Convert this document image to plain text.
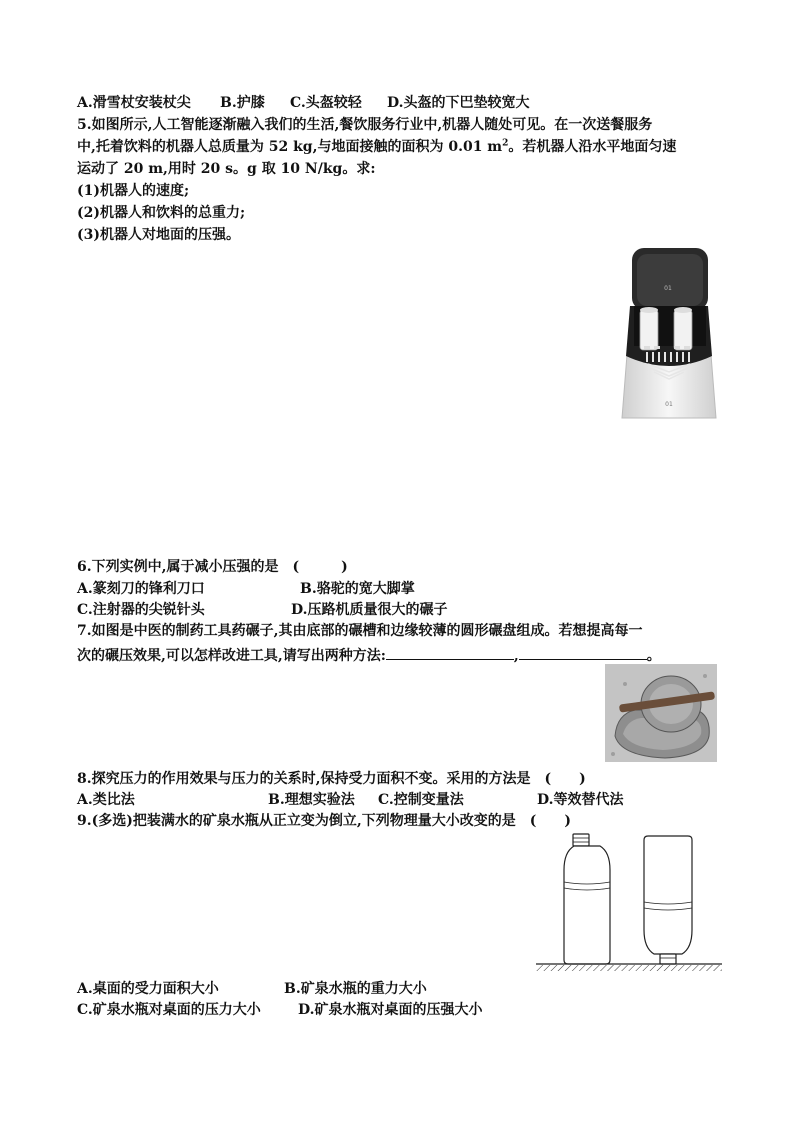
A.滑雪杖安装杖尖 B.护膝 C.头盔较轻 D.头盔的下巴垫较宽大
5.如图所示,人工智能逐渐融入我们的生活,餐饮服务行业中,机器人随处可见。在一次送餐服务
中,托着饮料的机器人总质量为 52 kg,与地面接触的面积为 0.01 $m^2$。若机器人沿水平地面匀速
运动了 20 m,用时 20 s。g 取 10 N/kg。求:
(1)机器人的速度;
(2)机器人和饮料的总重力;
(3)机器人对地面的压强。
01
01
6.下列实例中,属于减小压强的是　(　　　)
A.篆刻刀的锋利刀口	B.骆驼的宽大脚掌
C.注射器的尖锐针头	D.压路机质量很大的碾子
7.如图是中医的制药工具药碾子,其由底部的碾槽和边缘较薄的圆形碾盘组成。若想提高每一
次的碾压效果,可以怎样改进工具,请写出两种方法:	,	。
8.探究压力的作用效果与压力的关系时,保持受力面积不变。采用的方法是　(　　)
A.类比法	B.理想实验法 C.控制变量法	D.等效替代法
9.(多选)把装满水的矿泉水瓶从正立变为倒立,下列物理量大小改变的是　(　　)
A.桌面的受力面积大小	B.矿泉水瓶的重力大小
C.矿泉水瓶对桌面的压力大小	D.矿泉水瓶对桌面的压强大小
